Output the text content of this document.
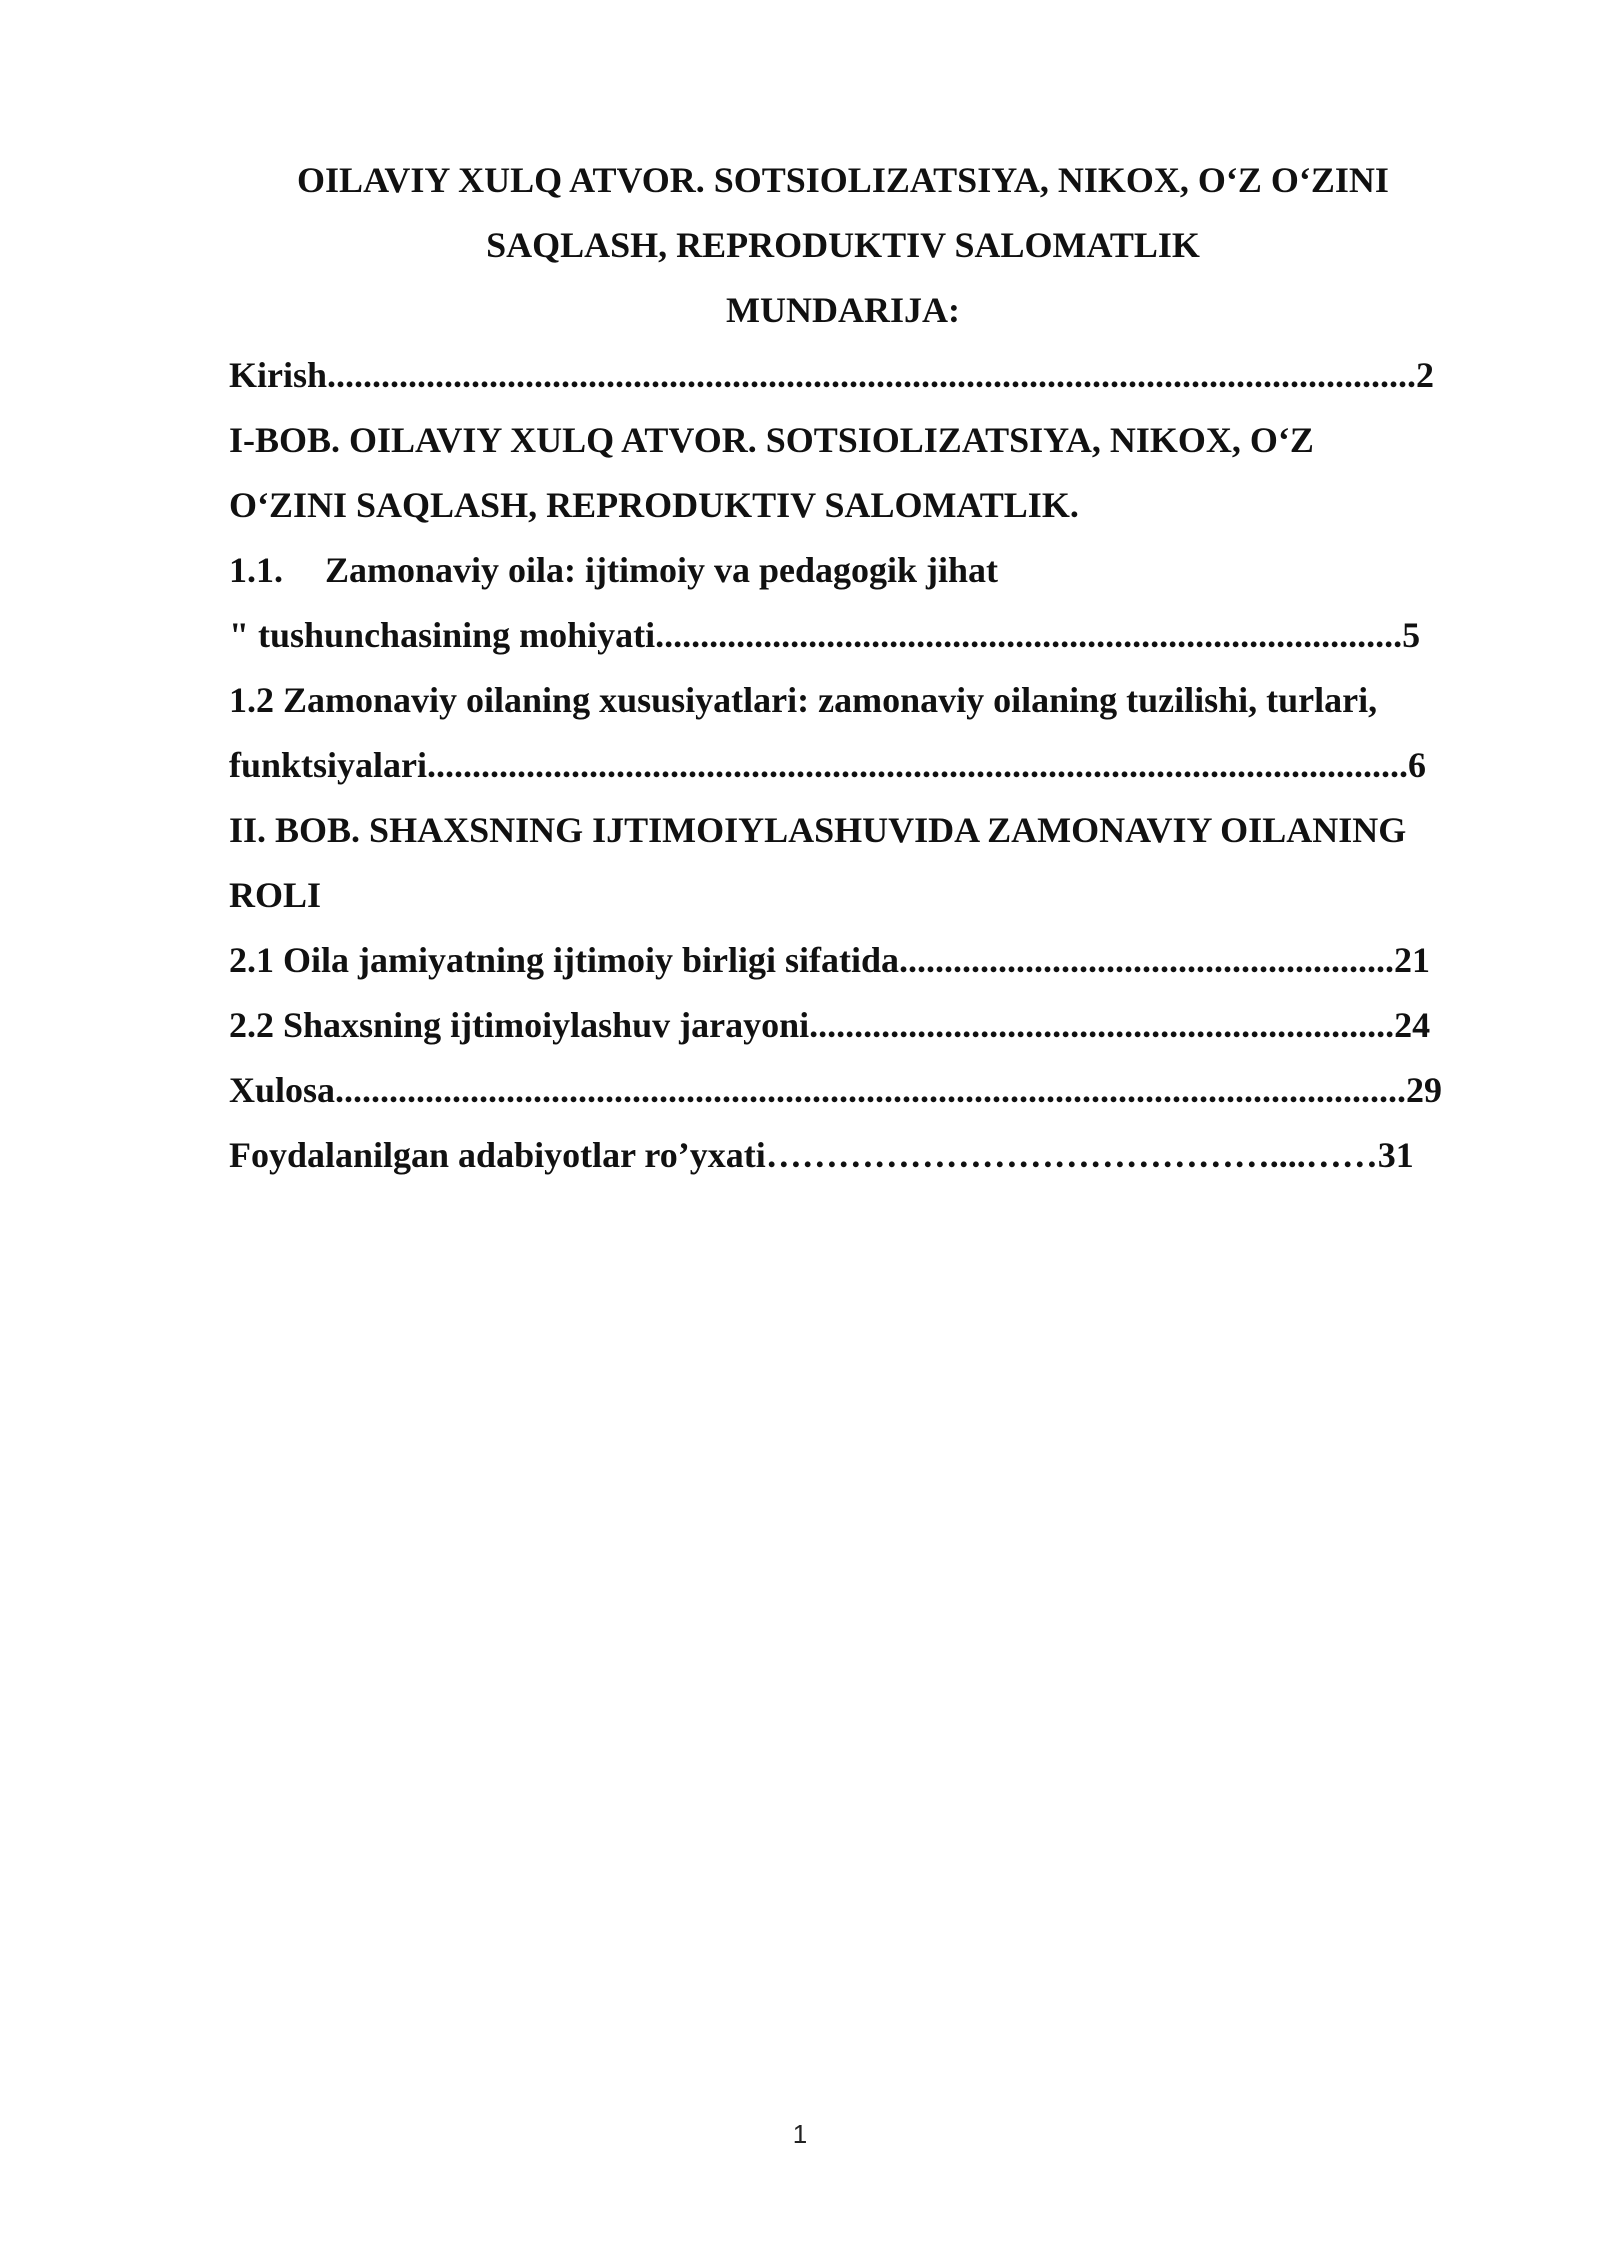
OILAVIY XULQ ATVOR. SOTSIOLIZATSIYA, NIKOX, O‘Z O‘ZINI
SAQLASH, REPRODUKTIV SALOMATLIK
MUNDARIJA:
Kirish.........................................................................................................................2
I-BOB. OILAVIY XULQ ATVOR. SOTSIOLIZATSIYA, NIKOX, O‘Z
O‘ZINI SAQLASH, REPRODUKTIV SALOMATLIK.
1.1. Zamonaviy oila: ijtimoiy va pedagogik jihat
" tushunchasining mohiyati...................................................................................5
1.2 Zamonaviy oilaning xususiyatlari: zamonaviy oilaning tuzilishi, turlari,
funktsiyalari.............................................................................................................6
II. BOB. SHAXSNING IJTIMOIYLASHUVIDA ZAMONAVIY OILANING
ROLI
2.1 Oila jamiyatning ijtimoiy birligi sifatida.......................................................21
2.2 Shaxsning ijtimoiylashuv jarayoni.................................................................24
Xulosa.......................................................................................................................29
Foydalanilgan adabiyotlar ro’yxati……………………………………....……31
1
